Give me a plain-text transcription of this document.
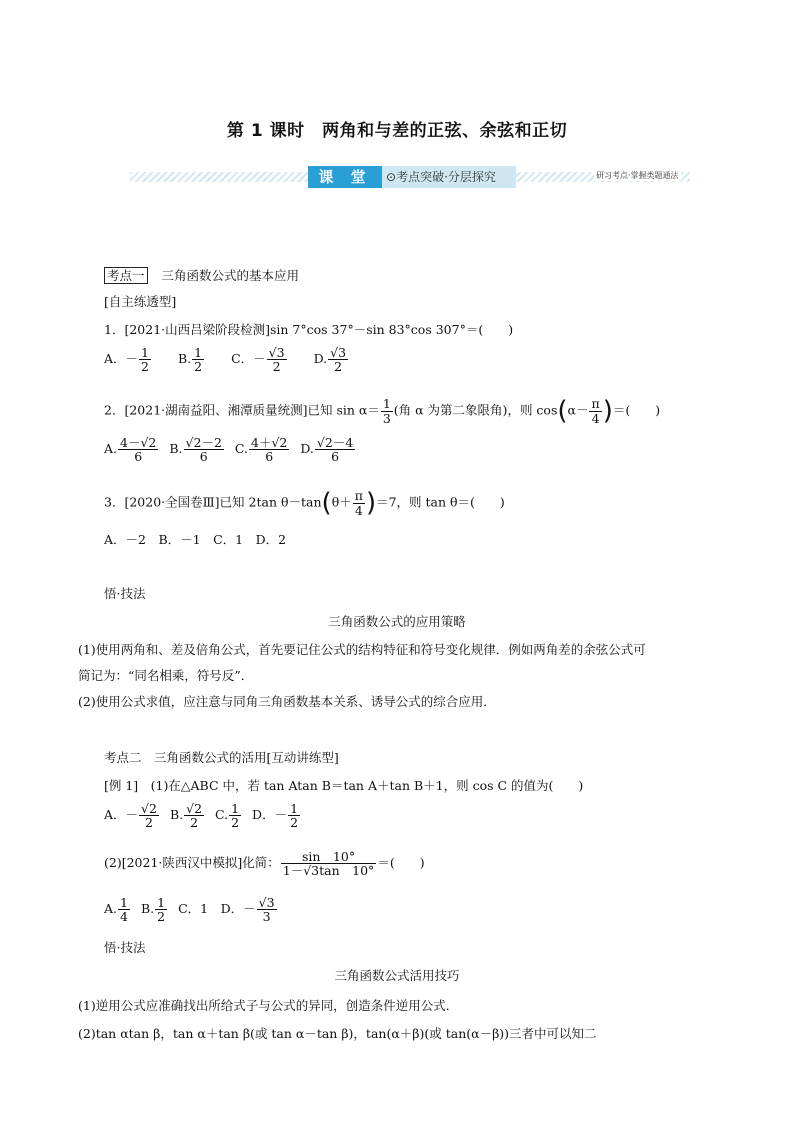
第 1 课时　两角和与差的正弦、余弦和正切
课 堂	⊙考点突破·分层探究	研习考点·掌握类题通法
考点一 三角函数公式的基本应用
[自主练透型]
1．[2021·山西吕梁阶段检测]sin 7°cos 37°－sin 83°cos 307°＝(　　)
A．－ $\frac{1}{2} B$. $\frac{1}{2}$ C．－ $\frac{√3}{2} D$. $\frac{√3}{2}$
2．[2021·湖南益阳、湘潭质量统测]已知 $\sin \alpha= \frac{1}{3}$ (角 α 为第二象限角)，则 $\cos(\alpha- \frac{\pi}{4}$ )＝(　　)
A. $\frac{4-√2}{6} B$. $\frac{√2-2}{6} C$. $\frac{4+√2}{6} D$. $\frac{√2-4}{6}$
3．[2020·全国卷Ⅲ]已知 2tan $\theta-\tan(\theta+ \frac{\pi}{4} )=7$，则 tan θ＝(　　)
A．－2　B．－1　C．1　D．2
悟·技法
三角函数公式的应用策略
(1)使用两角和、差及倍角公式，首先要记住公式的结构特征和符号变化规律．例如两角差的余弦公式可
简记为：“同名相乘，符号反”．
(2)使用公式求值，应注意与同角三角函数基本关系、诱导公式的综合应用．
考点二　三角函数公式的活用[互动讲练型]
[例 1]　(1)在△ABC 中，若 tan Atan B＝tan A＋tan B＋1，则 cos C 的值为(　　)
A．－ $\frac{√2}{2} B$. $\frac{√2}{2} C$. $\frac{1}{2}$ D．－ $\frac{1}{2}$
(2)[2021·陕西汉中模拟]化简： $\frac{\sin 10^\circ}{1-√3\tan 10^\circ}$ ＝(　　)
A. $\frac{1}{4} B$. $\frac{1}{2}$ C．1　D．－ $\frac{√3}{3}$
悟·技法
三角函数公式活用技巧
(1)逆用公式应准确找出所给式子与公式的异同，创造条件逆用公式．
(2)tan αtan β，tan α＋tan β(或 tan α－tan β)，tan(α＋β)(或 tan(α－β))三者中可以知二
